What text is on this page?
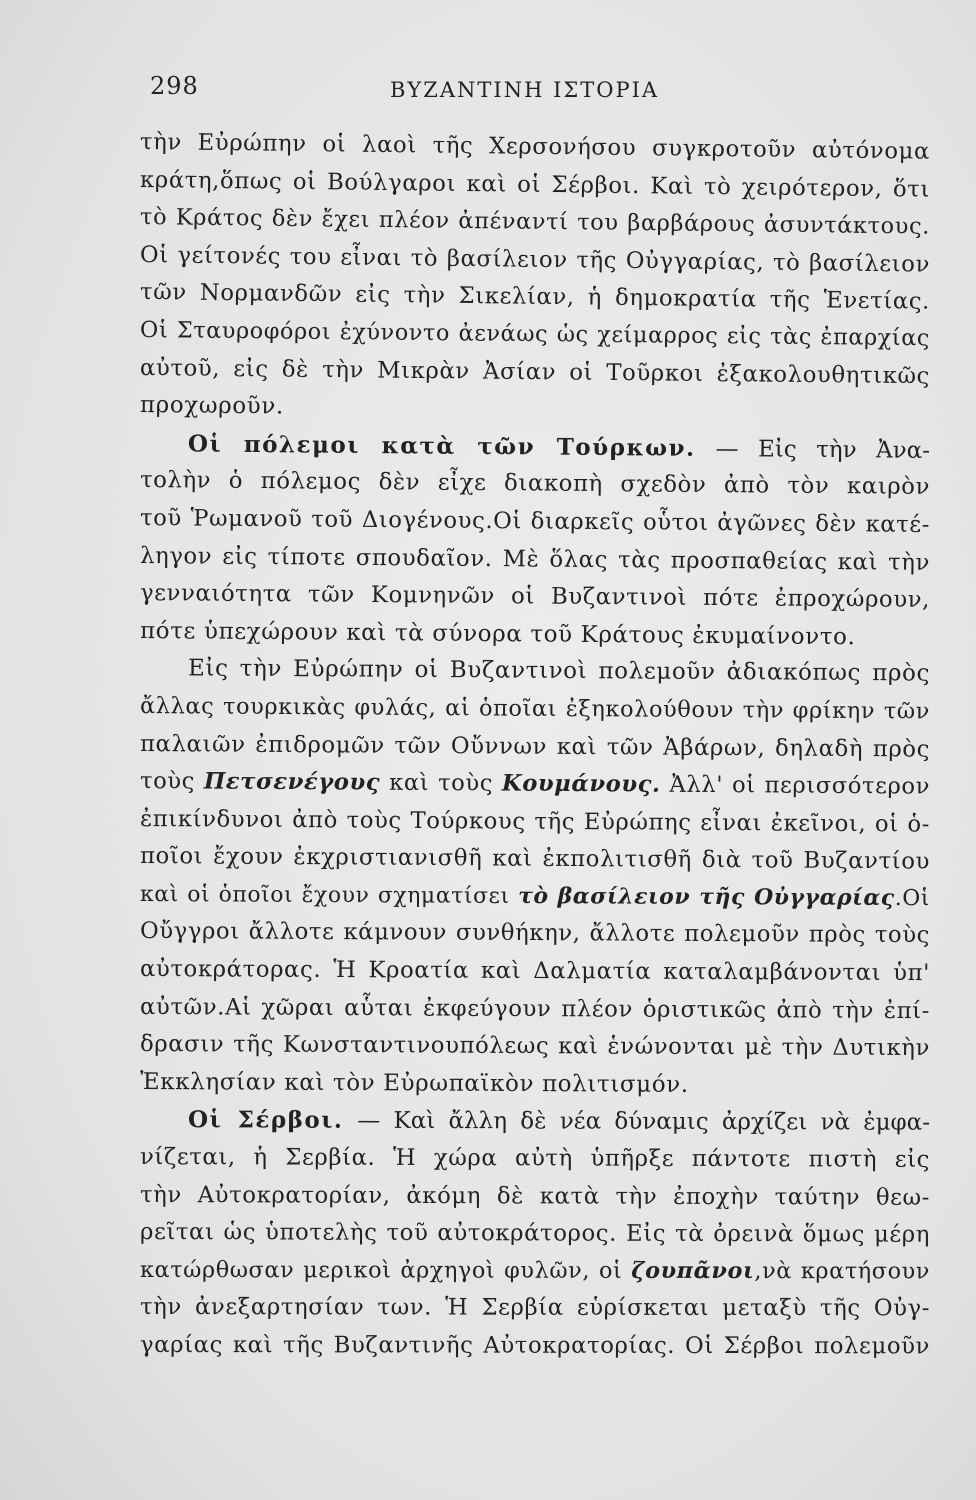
298	ΒΥΖΑΝΤΙΝΗ ΙΣΤΟΡΙΑ
τὴν Εὐρώπην οἱ λαοὶ τῆς Χερσονήσου συγκροτοῦν αὐτόνομα
κράτη,ὅπως οἱ Βούλγαροι καὶ οἱ Σέρβοι. Καὶ τὸ χειρότερον, ὅτι
τὸ Κράτος δὲν ἔχει πλέον ἀπέναντί του βαρβάρους ἀσυντάκτους.
Οἱ γείτονές του εἶναι τὸ βασίλειον τῆς Οὐγγαρίας, τὸ βασίλειον
τῶν Νορμανδῶν εἰς τὴν Σικελίαν, ἡ δημοκρατία τῆς Ἑνετίας.
Οἱ Σταυροφόροι ἐχύνοντο ἀενάως ὡς χείμαρρος εἰς τὰς ἐπαρχίας
αὐτοῦ, εἰς δὲ τὴν Μικρὰν Ἀσίαν οἱ Τοῦρκοι ἐξακολουθητικῶς
προχωροῦν.
Οἱ πόλεμοι κατὰ τῶν Τούρκων. — Εἰς τὴν Ἀνα-
τολὴν ὁ πόλεμος δὲν εἶχε διακοπὴ σχεδὸν ἀπὸ τὸν καιρὸν
τοῦ Ῥωμανοῦ τοῦ Διογένους.Οἱ διαρκεῖς οὗτοι ἀγῶνες δὲν κατέ-
ληγον εἰς τίποτε σπουδαῖον. Μὲ ὅλας τὰς προσπαθείας καὶ τὴν
γενναιότητα τῶν Κομνηνῶν οἱ Βυζαντινοὶ πότε ἐπροχώρουν,
πότε ὑπεχώρουν καὶ τὰ σύνορα τοῦ Κράτους ἐκυμαίνοντο.
Εἰς τὴν Εὐρώπην οἱ Βυζαντινοὶ πολεμοῦν ἀδιακόπως πρὸς
ἄλλας τουρκικὰς φυλάς, αἱ ὁποῖαι ἐξηκολούθουν τὴν φρίκην τῶν
παλαιῶν ἐπιδρομῶν τῶν Οὔννων καὶ τῶν Ἀβάρων, δηλαδὴ πρὸς
τοὺς Πετσενέγους καὶ τοὺς Κουμάνους. Ἀλλ' οἱ περισσότερον
ἐπικίνδυνοι ἀπὸ τοὺς Τούρκους τῆς Εὐρώπης εἶναι ἐκεῖνοι, οἱ ὁ-
ποῖοι ἔχουν ἐκχριστιανισθῆ καὶ ἐκπολιτισθῆ διὰ τοῦ Βυζαντίου
καὶ οἱ ὁποῖοι ἔχουν σχηματίσει τὸ βασίλειον τῆς Οὐγγαρίας.Οἱ
Οὔγγροι ἄλλοτε κάμνουν συνθήκην, ἄλλοτε πολεμοῦν πρὸς τοὺς
αὐτοκράτορας. Ἡ Κροατία καὶ Δαλματία καταλαμβάνονται ὑπ'
αὐτῶν.Αἱ χῶραι αὗται ἐκφεύγουν πλέον ὁριστικῶς ἀπὸ τὴν ἐπί-
δρασιν τῆς Κωνσταντινουπόλεως καὶ ἑνώνονται μὲ τὴν Δυτικὴν
Ἐκκλησίαν καὶ τὸν Εὐρωπαϊκὸν πολιτισμόν.
Οἱ Σέρβοι. — Καὶ ἄλλη δὲ νέα δύναμις ἀρχίζει νὰ ἐμφα-
νίζεται, ἡ Σερβία. Ἡ χώρα αὐτὴ ὑπῆρξε πάντοτε πιστὴ εἰς
τὴν Αὐτοκρατορίαν, ἀκόμη δὲ κατὰ τὴν ἐποχὴν ταύτην θεω-
ρεῖται ὡς ὑποτελὴς τοῦ αὐτοκράτορος. Εἰς τὰ ὀρεινὰ ὅμως μέρη
κατώρθωσαν μερικοὶ ἀρχηγοὶ φυλῶν, οἱ ζουπᾶνοι,νὰ κρατήσουν
τὴν ἀνεξαρτησίαν των. Ἡ Σερβία εὑρίσκεται μεταξὺ τῆς Οὐγ-
γαρίας καὶ τῆς Βυζαντινῆς Αὐτοκρατορίας. Οἱ Σέρβοι πολεμοῦν
